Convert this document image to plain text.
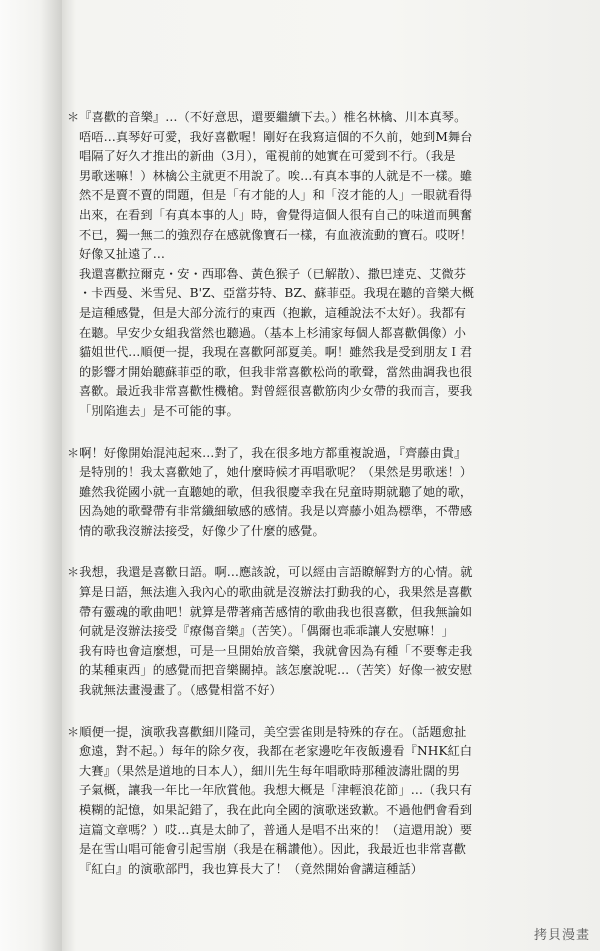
＊『喜歡的音樂』…（不好意思，還要繼續下去。）椎名林檎、川本真琴。
唔唔…真琴好可愛，我好喜歡喔！剛好在我寫這個的不久前，她到M舞台
唱隔了好久才推出的新曲（3月），電視前的她實在可愛到不行。（我是
男歌迷嘛！）林檎公主就更不用說了。唉…有真本事的人就是不一樣。雖
然不是賣不賣的問題，但是「有才能的人」和「沒才能的人」一眼就看得
出來，在看到「有真本事的人」時，會覺得這個人很有自己的味道而興奮
不已，獨一無二的強烈存在感就像寶石一樣，有血液流動的寶石。哎呀！
好像又扯遠了…
我還喜歡拉爾克・安・西耶魯、黃色猴子（已解散）、撒巴達克、艾微芬
・卡西曼、米雪兒、B'Z、亞當芬特、BZ、蘇菲亞。我現在聽的音樂大概
是這種感覺，但是大部分流行的東西（抱歉，這種說法不太好）。我都有
在聽。早安少女組我當然也聽過。（基本上杉浦家每個人都喜歡偶像）小
貓姐世代…順便一提，我現在喜歡阿部夏美。啊！雖然我是受到朋友Ｉ君
的影響才開始聽蘇菲亞的歌，但我非常喜歡松尚的歌聲，當然曲調我也很
喜歡。最近我非常喜歡性機槍。對曾經很喜歡筋肉少女帶的我而言，要我
「別陷進去」是不可能的事。
＊啊！好像開始混沌起來…對了，我在很多地方都重複說過，『齊藤由貴』
是特別的！我太喜歡她了，她什麼時候才再唱歌呢？（果然是男歌迷！）
雖然我從國小就一直聽她的歌，但我很慶幸我在兒童時期就聽了她的歌，
因為她的歌聲帶有非常纖細敏感的感情。我是以齊藤小姐為標準，不帶感
情的歌我沒辦法接受，好像少了什麼的感覺。
＊我想，我還是喜歡日語。啊…應該說，可以經由言語瞭解對方的心情。就
算是日語，無法進入我內心的歌曲就是沒辦法打動我的心，我果然是喜歡
帶有靈魂的歌曲吧！就算是帶著痛苦感情的歌曲我也很喜歡，但我無論如
何就是沒辦法接受『療傷音樂』（苦笑）。「偶爾也乖乖讓人安慰嘛！」
我有時也會這麼想，可是一旦開始放音樂，我就會因為有種「不要奪走我
的某種東西」的感覺而把音樂關掉。該怎麼說呢…（苦笑）好像一被安慰
我就無法畫漫畫了。（感覺相當不好）
＊順便一提，演歌我喜歡細川隆司，美空雲雀則是特殊的存在。（話題愈扯
愈遠，對不起。）每年的除夕夜，我都在老家邊吃年夜飯邊看『NHK紅白
大賽』（果然是道地的日本人），細川先生每年唱歌時那種波濤壯闊的男
子氣概，讓我一年比一年欣賞他。我想大概是「津輕浪花節」…（我只有
模糊的記憶，如果記錯了，我在此向全國的演歌迷致歉。不過他們會看到
這篇文章嗎？）哎…真是太帥了，普通人是唱不出來的！（這還用說）要
是在雪山唱可能會引起雪崩（我是在稱讚他）。因此，我最近也非常喜歡
『紅白』的演歌部門，我也算長大了！（竟然開始會講這種話）
拷貝漫畫
